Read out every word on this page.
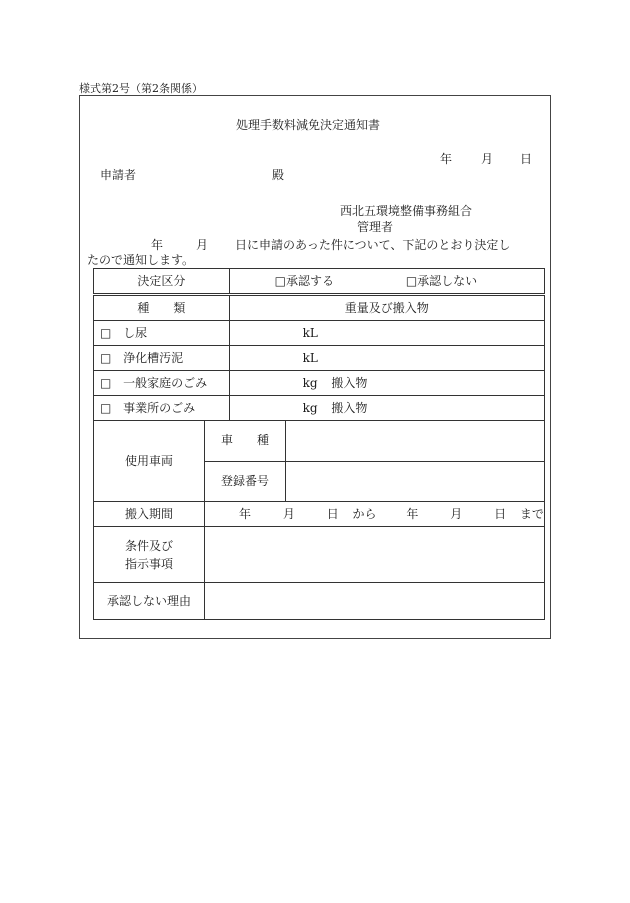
様式第2号（第2条関係）
処理手数料減免決定通知書
年 月 日
申請者	殿
西北五環境整備事務組合
管理者
年	月 日に申請のあった件について、下記のとおり決定し
たので通知します。
決定区分		□承認する □承認しない	
種　　類		重量及び搬入物	
□ し尿		kL	
□ 浄化槽汚泥		kL	
□ 一般家庭のごみ		kg 搬入物	
□ 事業所のごみ		kg 搬入物	
使用車両	車　　種		
	登録番号		
搬入期間	年 月 日 から 年 月 日 まで		

条件及び
指示事項			

承認しない理由			
